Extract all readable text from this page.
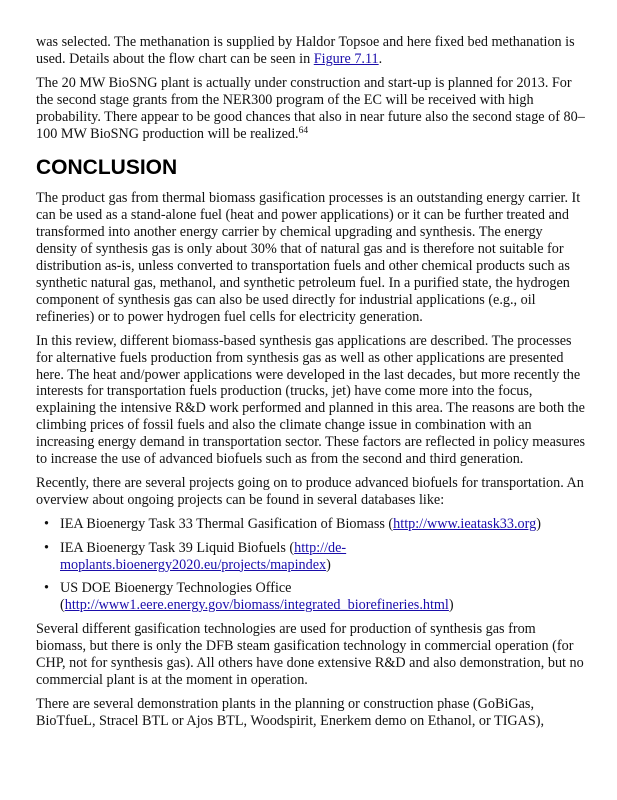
was selected. The methanation is supplied by Haldor Topsoe and here fixed bed methanation is used. Details about the flow chart can be seen in Figure 7.11.

The 20 MW BioSNG plant is actually under construction and start-up is planned for 2013. For the second stage grants from the NER300 program of the EC will be received with high probability. There appear to be good chances that also in near future also the second stage of 80–100 MW BioSNG production will be realized.$^{64}$

CONCLUSION

The product gas from thermal biomass gasification processes is an outstanding energy carrier. It can be used as a stand-alone fuel (heat and power applications) or it can be further treated and transformed into another energy carrier by chemical upgrading and synthesis. The energy density of synthesis gas is only about 30% that of natural gas and is therefore not suitable for distribution as-is, unless converted to transportation fuels and other chemical products such as synthetic natural gas, methanol, and synthetic petroleum fuel. In a purified state, the hydrogen component of synthesis gas can also be used directly for industrial applications (e.g., oil refineries) or to power hydrogen fuel cells for electricity generation.

In this review, different biomass-based synthesis gas applications are described. The processes for alternative fuels production from synthesis gas as well as other applications are presented here. The heat and/power applications were developed in the last decades, but more recently the interests for transportation fuels production (trucks, jet) have come more into the focus, explaining the intensive R&D work performed and planned in this area. The reasons are both the climbing prices of fossil fuels and also the climate change issue in combination with an increasing energy demand in transportation sector. These factors are reflected in policy measures to increase the use of advanced biofuels such as from the second and third generation.

Recently, there are several projects going on to produce advanced biofuels for transportation. An overview about ongoing projects can be found in several databases like:

• IEA Bioenergy Task 33 Thermal Gasification of Biomass (http://www.ieatask33.org)
• IEA Bioenergy Task 39 Liquid Biofuels (http://de-moplants.bioenergy2020.eu/projects/mapindex)
• US DOE Bioenergy Technologies Office (http://www1.eere.energy.gov/biomass/integrated_biorefineries.html)

Several different gasification technologies are used for production of synthesis gas from biomass, but there is only the DFB steam gasification technology in commercial operation (for CHP, not for synthesis gas). All others have done extensive R&D and also demonstration, but no commercial plant is at the moment in operation.

There are several demonstration plants in the planning or construction phase (GoBiGas, BioTfueL, Stracel BTL or Ajos BTL, Woodspirit, Enerkem demo on Ethanol, or TIGAS),
